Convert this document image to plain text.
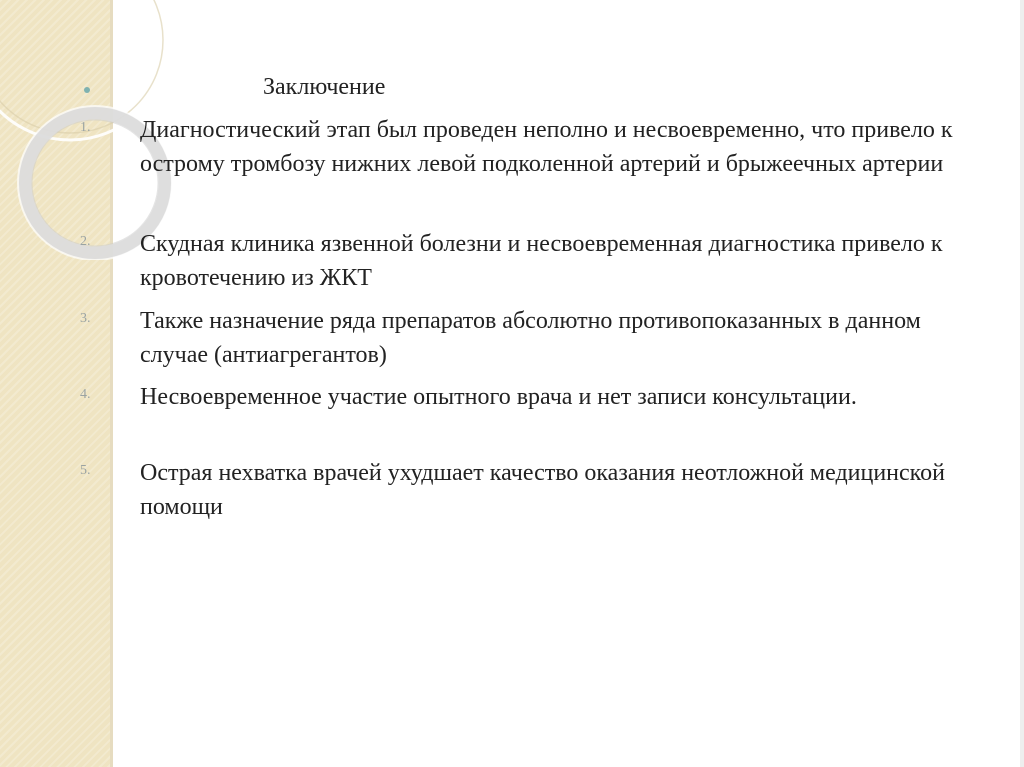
Заключение
1. Диагностический этап был проведен неполно и несвоевременно, что привело к острому тромбозу нижних левой подколенной артерий и брыжеечных артерии
2. Скудная клиника язвенной болезни и несвоевременная диагностика привело к кровотечению из ЖКТ
3. Также назначение ряда препаратов абсолютно противопоказанных в данном случае (антиагрегантов)
4. Несвоевременное участие опытного врача и нет записи консультации.
5. Острая нехватка врачей ухудшает качество оказания неотложной медицинской помощи
